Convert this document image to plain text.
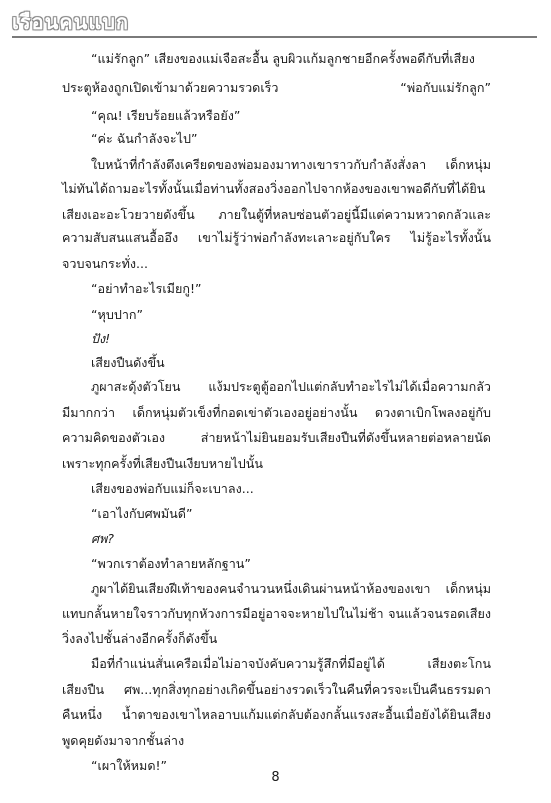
เรือนคนแบก
“แม่รักลูก” เสียงของแม่เจือสะอื้น ลูบผิวแก้มลูกชายอีกครั้งพอดีกับที่เสียง
ประตูห้องถูกเปิดเข้ามาด้วยความรวดเร็ว “พ่อกับแม่รักลูก”
“คุณ! เรียบร้อยแล้วหรือยัง”
“ค่ะ ฉันกำลังจะไป”
ใบหน้าที่กำลังตึงเครียดของพ่อมองมาทางเขาราวกับกำลังสั่งลา เด็กหนุ่ม
ไม่ทันได้ถามอะไรทั้งนั้นเมื่อท่านทั้งสองวิ่งออกไปจากห้องของเขาพอดีกับที่ได้ยิน
เสียงเอะอะโวยวายดังขึ้น ภายในตู้ที่หลบซ่อนตัวอยู่นี้มีแต่ความหวาดกลัวและ
ความสับสนแสนอื้ออึง เขาไม่รู้ว่าพ่อกำลังทะเลาะอยู่กับใคร ไม่รู้อะไรทั้งนั้น
จวบจนกระทั่ง...
“อย่าทำอะไรเมียกู!”
“หุบปาก”
ปัง!
เสียงปืนดังขึ้น
ภูผาสะดุ้งตัวโยน แง้มประตูตู้ออกไปแต่กลับทำอะไรไม่ได้เมื่อความกลัว
มีมากกว่า เด็กหนุ่มตัวเข็งที่กอดเข่าตัวเองอยู่อย่างนั้น ดวงตาเบิกโพลงอยู่กับ
ความคิดของตัวเอง ส่ายหน้าไม่ยินยอมรับเสียงปืนที่ดังขึ้นหลายต่อหลายนัด
เพราะทุกครั้งที่เสียงปืนเงียบหายไปนั้น
เสียงของพ่อกับแม่ก็จะเบาลง...
“เอาไงกับศพมันดี”
ศพ?
“พวกเราต้องทำลายหลักฐาน”
ภูผาได้ยินเสียงฝีเท้าของคนจำนวนหนึ่งเดินผ่านหน้าห้องของเขา เด็กหนุ่ม
แทบกลั้นหายใจราวกับทุกหัวงการมีอยู่อาจจะหายไปในไม่ช้า จนแล้วจนรอดเสียง
วิ่งลงไปชั้นล่างอีกครั้งก็ดังขึ้น
มือที่กำแน่นสั่นเครือเมื่อไม่อาจบังคับความรู้สึกที่มีอยู่ได้ เสียงตะโกน
เสียงปืน ศพ...ทุกสิ่งทุกอย่างเกิดขึ้นอย่างรวดเร็วในคืนที่ควรจะเป็นคืนธรรมดา
คืนหนึ่ง น้ำตาของเขาไหลอาบแก้มแต่กลับต้องกลั้นแรงสะอื้นเมื่อยังได้ยินเสียง
พูดคุยดังมาจากชั้นล่าง
“เผาให้หมด!”
8
